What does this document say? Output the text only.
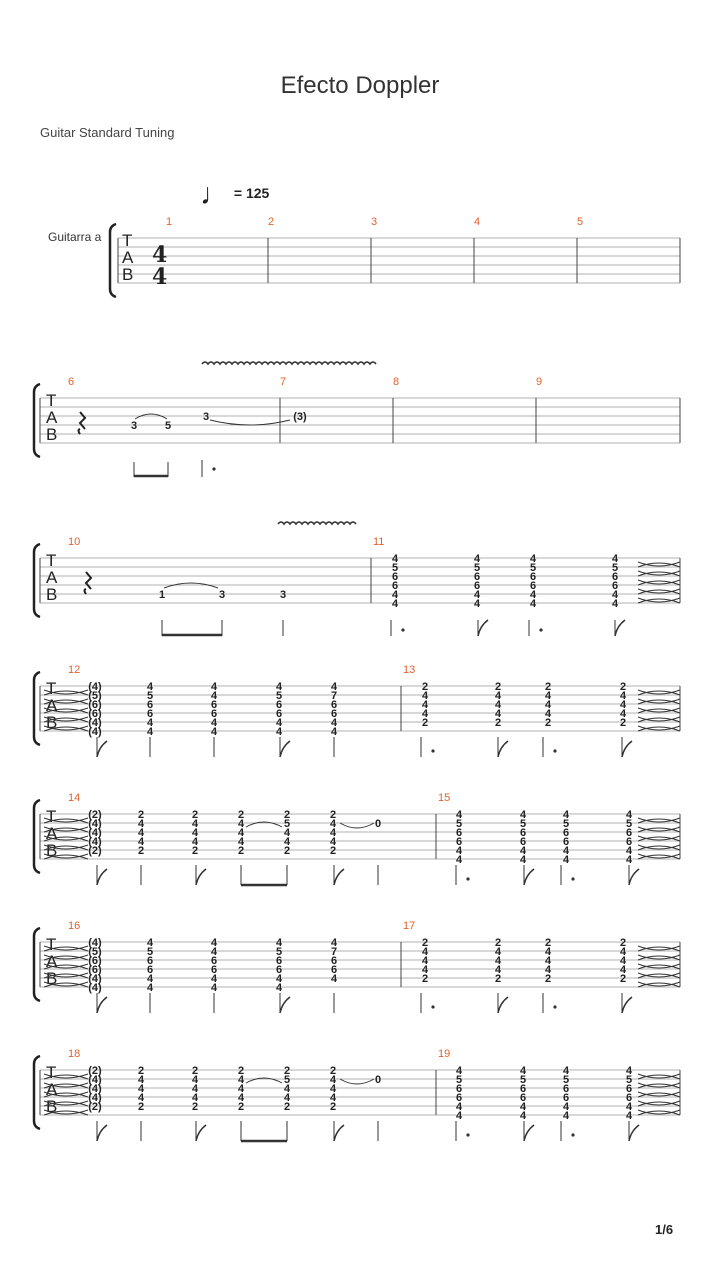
Efecto Doppler
Guitar Standard Tuning
♩ = 125
Guitarra a T
A
B
1	2	3	4	5
T
A
B
6	7	8	9
T
A
B
10	11
T
A
B
12	13
T
A
B
14	15
T
A
B
16	17
T
A
B
18	19
4
4
3	5
3	(3)
1	3	3
4
5
6
6
4
4
4
5
6
6
4
4
4
5
6
6
4
4
4
5
6
6
4
4
(4)
(5)
(6)
(6)
(4)
(4)
4
5
6
6
4
4
4
4
6
6
4
4
4
5
6
6
4
4
4
7
6
6
4
4
2
4
4
4
2
2
4
4
4
2
2
4
4
4
2
2
4
4
4
2
(2)
(4)
(4)
(4)
(2)
2
4
4
4
2
2
4
4
4
2
2
4
4
4
2
2
5
4
4
2
2
4
4
4
2
0
4
5
6
6
4
4
4
5
6
6
4
4
4
5
6
6
4
4
4
5
6
6
4
4
(4)
(5)
(6)
(6)
(4)
(4)
4
5
6
6
4
4
4
4
6
6
4
4
4
5
6
6
4
4
4
7
6
6
4
2
4
4
4
2
2
4
4
4
2
2
4
4
4
2
2
4
4
4
2
(2)
(4)
(4)
(4)
(2)
2
4
4
4
2
2
4
4
4
2
2
4
4
4
2
2
5
4
4
2
2
4
4
4
2
0
4
5
6
6
4
4
4
5
6
6
4
4
4
5
6
6
4
4
4
5
6
6
4
4
1/6
